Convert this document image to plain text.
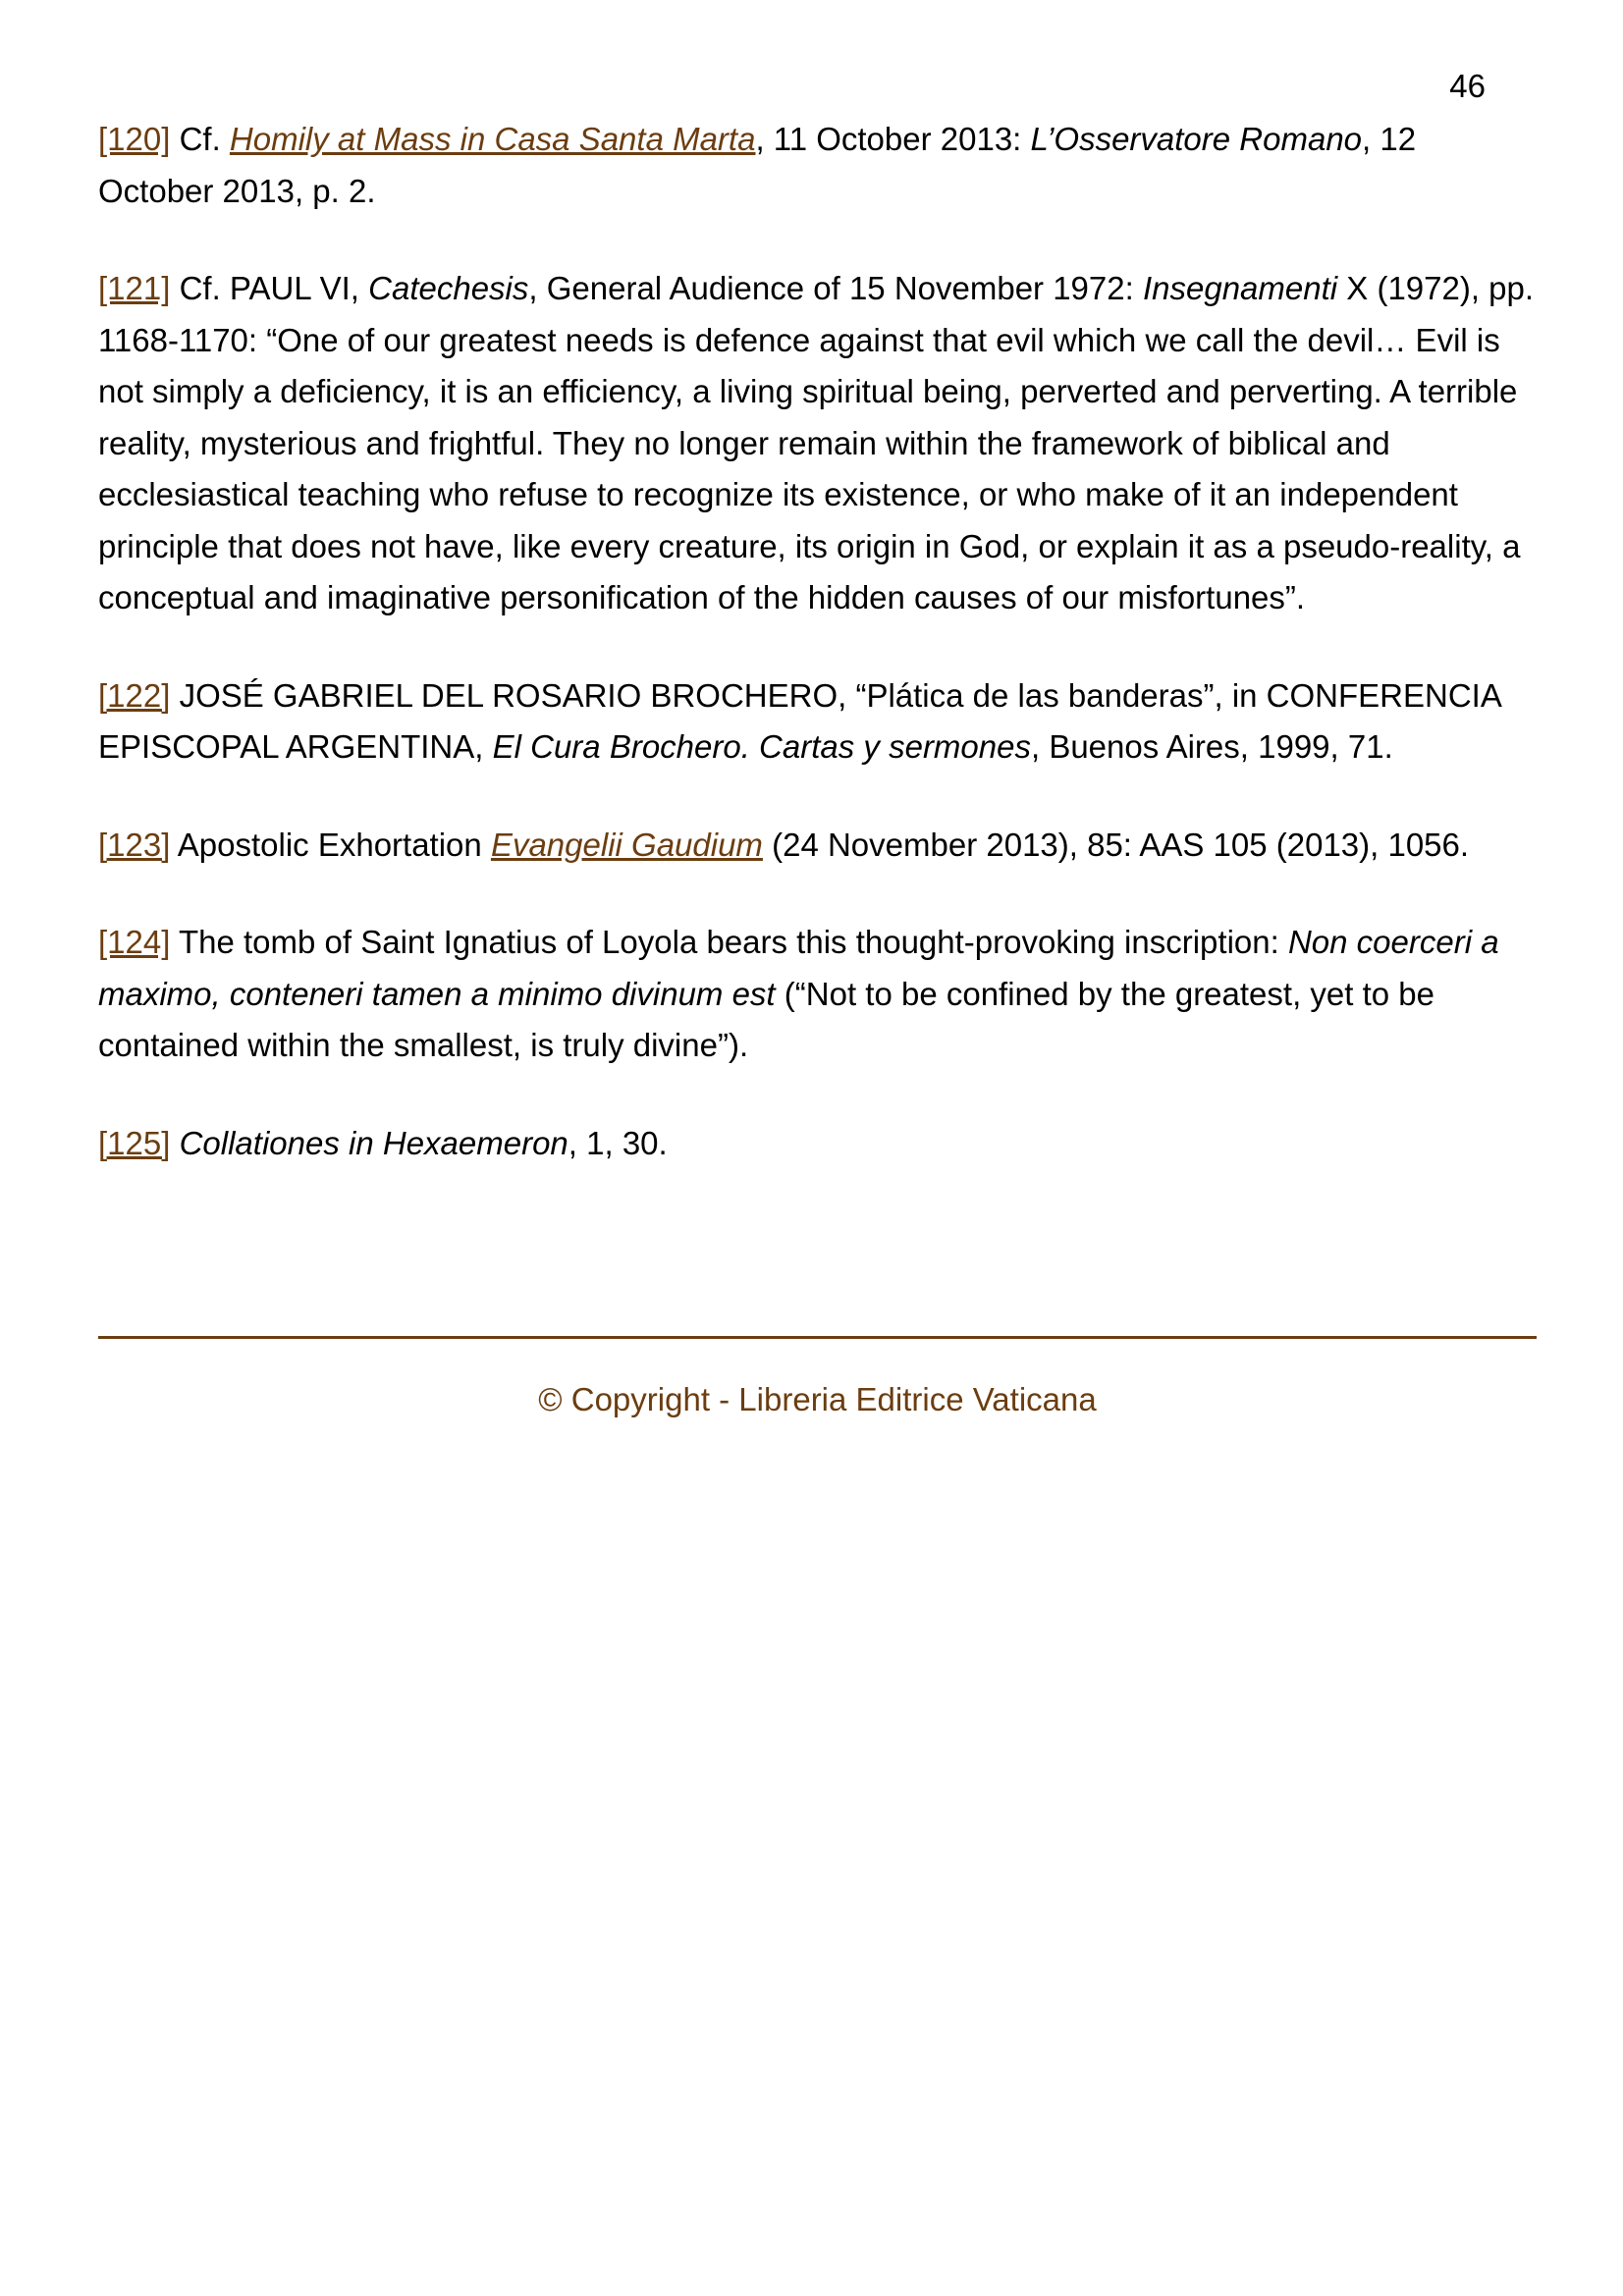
46

[120] Cf. Homily at Mass in Casa Santa Marta, 11 October 2013: L’Osservatore Romano, 12 October 2013, p. 2.

[121] Cf. PAUL VI, Catechesis, General Audience of 15 November 1972: Insegnamenti X (1972), pp. 1168-1170: “One of our greatest needs is defence against that evil which we call the devil… Evil is not simply a deficiency, it is an efficiency, a living spiritual being, perverted and perverting. A terrible reality, mysterious and frightful. They no longer remain within the framework of biblical and ecclesiastical teaching who refuse to recognize its existence, or who make of it an independent principle that does not have, like every creature, its origin in God, or explain it as a pseudo-reality, a conceptual and imaginative personification of the hidden causes of our misfortunes”.

[122] JOSÉ GABRIEL DEL ROSARIO BROCHERO, “Plática de las banderas”, in CONFERENCIA EPISCOPAL ARGENTINA, El Cura Brochero. Cartas y sermones, Buenos Aires, 1999, 71.

[123] Apostolic Exhortation Evangelii Gaudium (24 November 2013), 85: AAS 105 (2013), 1056.

[124] The tomb of Saint Ignatius of Loyola bears this thought-provoking inscription: Non coerceri a maximo, conteneri tamen a minimo divinum est (“Not to be confined by the greatest, yet to be contained within the smallest, is truly divine”).

[125] Collationes in Hexaemeron, 1, 30.

© Copyright - Libreria Editrice Vaticana
